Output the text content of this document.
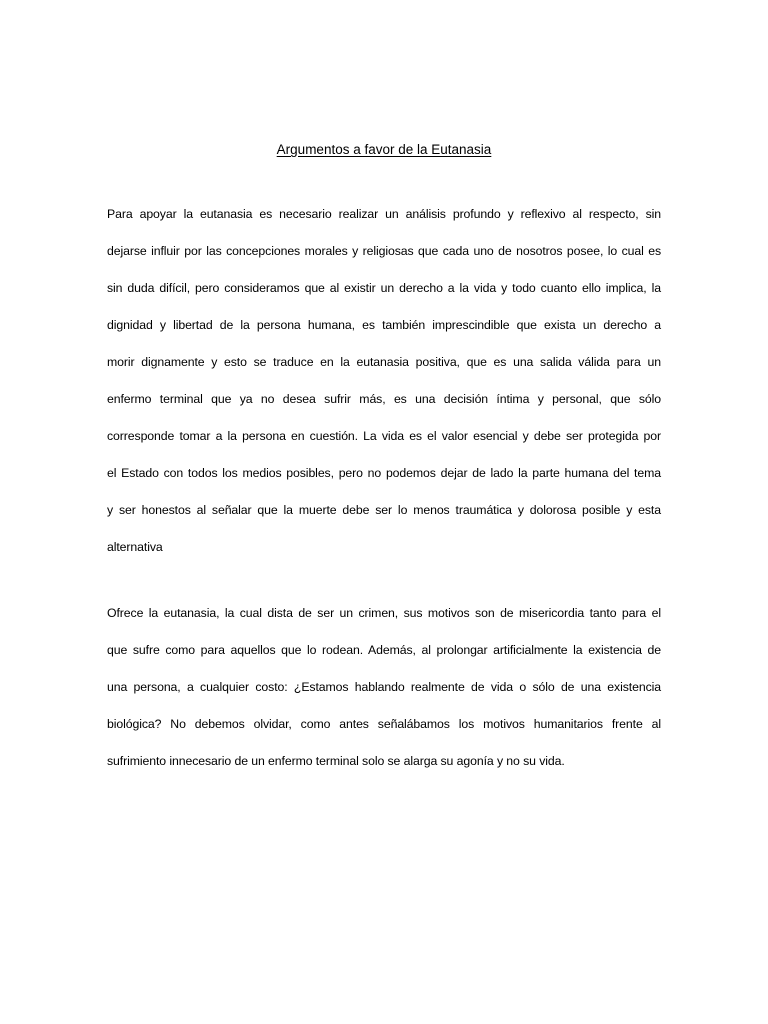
Argumentos a favor de la Eutanasia
Para apoyar la eutanasia es necesario realizar un análisis profundo y reflexivo al respecto, sin
dejarse influir por las concepciones morales y religiosas que cada uno de nosotros posee, lo cual es
sin duda difícil, pero consideramos que al existir un derecho a la vida y todo cuanto ello implica, la
dignidad y libertad de la persona humana, es también imprescindible que exista un derecho a
morir dignamente y esto se traduce en la eutanasia positiva, que es una salida válida para un
enfermo terminal que ya no desea sufrir más, es una decisión íntima y personal, que sólo
corresponde tomar a la persona en cuestión. La vida es el valor esencial y debe ser protegida por
el Estado con todos los medios posibles, pero no podemos dejar de lado la parte humana del tema
y ser honestos al señalar que la muerte debe ser lo menos traumática y dolorosa posible y esta
alternativa
Ofrece la eutanasia, la cual dista de ser un crimen, sus motivos son de misericordia tanto para el
que sufre como para aquellos que lo rodean. Además, al prolongar artificialmente la existencia de
una persona, a cualquier costo: ¿Estamos hablando realmente de vida o sólo de una existencia
biológica? No debemos olvidar, como antes señalábamos los motivos humanitarios frente al
sufrimiento innecesario de un enfermo terminal solo se alarga su agonía y no su vida.
